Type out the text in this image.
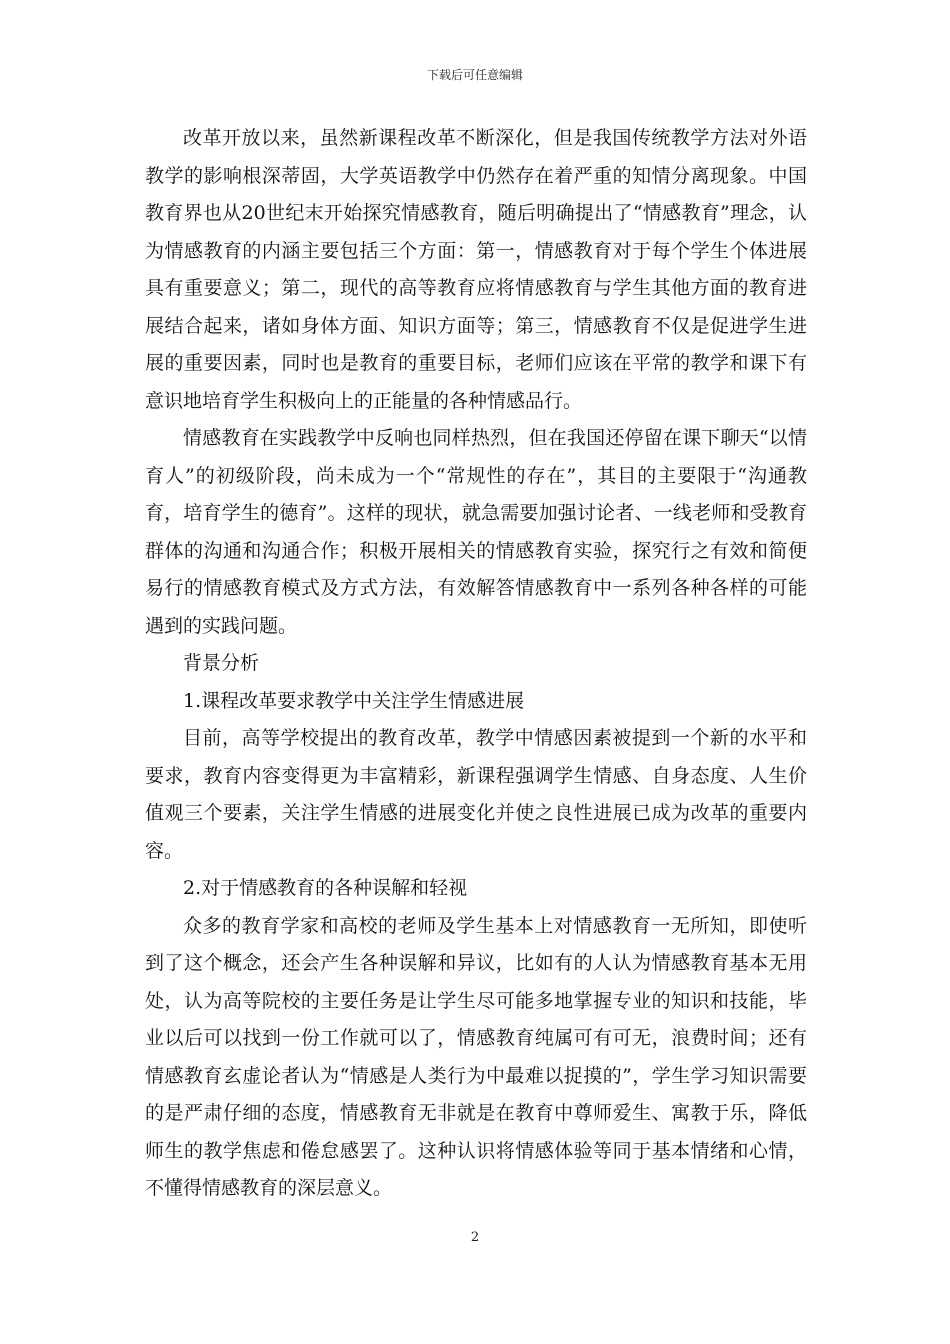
下载后可任意编辑

改革开放以来，虽然新课程改革不断深化，但是我国传统教学方法对外语教学的影响根深蒂固，大学英语教学中仍然存在着严重的知情分离现象。中国教育界也从20世纪末开始探究情感教育，随后明确提出了“情感教育”理念，认为情感教育的内涵主要包括三个方面：第一，情感教育对于每个学生个体进展具有重要意义；第二，现代的高等教育应将情感教育与学生其他方面的教育进展结合起来，诸如身体方面、知识方面等；第三，情感教育不仅是促进学生进展的重要因素，同时也是教育的重要目标，老师们应该在平常的教学和课下有意识地培育学生积极向上的正能量的各种情感品行。

情感教育在实践教学中反响也同样热烈，但在我国还停留在课下聊天“以情育人”的初级阶段，尚未成为一个“常规性的存在”，其目的主要限于“沟通教育，培育学生的德育”。这样的现状，就急需要加强讨论者、一线老师和受教育群体的沟通和沟通合作；积极开展相关的情感教育实验，探究行之有效和简便易行的情感教育模式及方式方法，有效解答情感教育中一系列各种各样的可能遇到的实践问题。

背景分析

1.课程改革要求教学中关注学生情感进展

目前，高等学校提出的教育改革，教学中情感因素被提到一个新的水平和要求，教育内容变得更为丰富精彩，新课程强调学生情感、自身态度、人生价值观三个要素，关注学生情感的进展变化并使之良性进展已成为改革的重要内容。

2.对于情感教育的各种误解和轻视

众多的教育学家和高校的老师及学生基本上对情感教育一无所知，即使听到了这个概念，还会产生各种误解和异议，比如有的人认为情感教育基本无用处，认为高等院校的主要任务是让学生尽可能多地掌握专业的知识和技能，毕业以后可以找到一份工作就可以了，情感教育纯属可有可无，浪费时间；还有情感教育玄虚论者认为“情感是人类行为中最难以捉摸的”，学生学习知识需要的是严肃仔细的态度，情感教育无非就是在教育中尊师爱生、寓教于乐，降低师生的教学焦虑和倦怠感罢了。这种认识将情感体验等同于基本情绪和心情，不懂得情感教育的深层意义。

2
